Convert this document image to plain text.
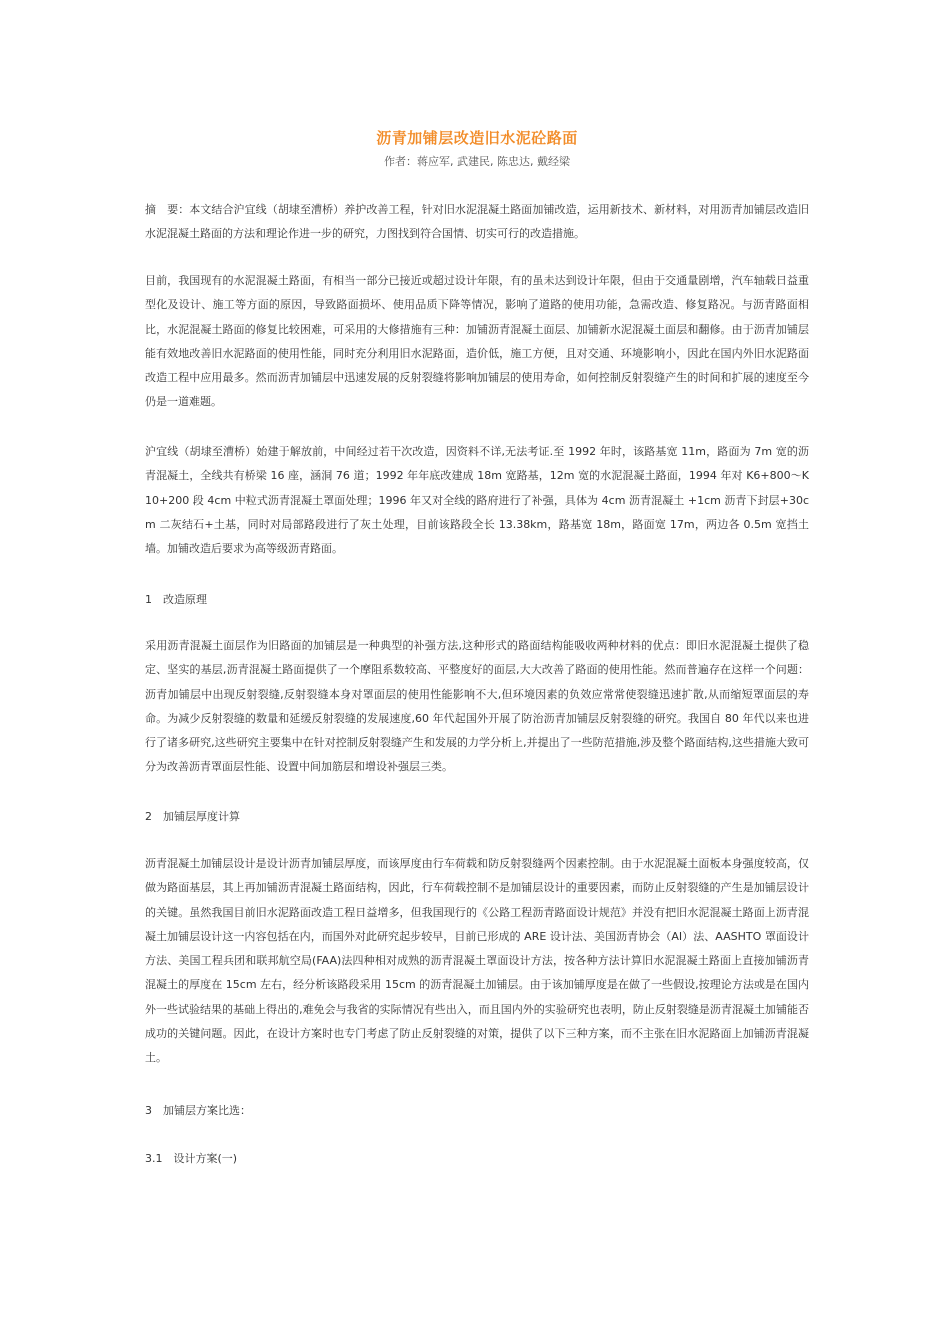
沥青加铺层改造旧水泥砼路面
作者：蒋应军, 武建民, 陈忠达, 戴经梁
摘　要：本文结合沪宜线（胡埭至漕桥）养护改善工程，针对旧水泥混凝土路面加铺改造，运用新技术、新材料，对用沥青加铺层改造旧水泥混凝土路面的方法和理论作进一步的研究，力图找到符合国情、切实可行的改造措施。
目前，我国现有的水泥混凝土路面，有相当一部分已接近或超过设计年限，有的虽未达到设计年限，但由于交通量剧增，汽车轴载日益重型化及设计、施工等方面的原因，导致路面损坏、使用品质下降等情况，影响了道路的使用功能，急需改造、修复路况。与沥青路面相比，水泥混凝土路面的修复比较困难，可采用的大修措施有三种：加铺沥青混凝土面层、加铺新水泥混凝土面层和翻修。由于沥青加铺层能有效地改善旧水泥路面的使用性能，同时充分利用旧水泥路面，造价低，施工方便，且对交通、环境影响小，因此在国内外旧水泥路面改造工程中应用最多。然而沥青加铺层中迅速发展的反射裂缝将影响加铺层的使用寿命，如何控制反射裂缝产生的时间和扩展的速度至今仍是一道难题。
沪宜线（胡埭至漕桥）始建于解放前，中间经过若干次改造，因资料不详,无法考证.至 1992 年时，该路基宽 11m，路面为 7m 宽的沥青混凝土，全线共有桥梁 16 座，涵洞 76 道；1992 年年底改建成 18m 宽路基，12m 宽的水泥混凝土路面，1994 年对 K6+800～K10+200 段 4cm 中粒式沥青混凝土罩面处理；1996 年又对全线的路府进行了补强，具体为 4cm 沥青混凝土 +1cm 沥青下封层+30cm 二灰结石+土基，同时对局部路段进行了灰土处理，目前该路段全长 13.38km，路基宽 18m，路面宽 17m，两边各 0.5m 宽挡土墙。加铺改造后要求为高等级沥青路面。
1　改造原理
采用沥青混凝土面层作为旧路面的加铺层是一种典型的补强方法,这种形式的路面结构能吸收两种材料的优点：即旧水泥混凝土提供了稳定、坚实的基层,沥青混凝土路面提供了一个摩阻系数较高、平整度好的面层,大大改善了路面的使用性能。然而普遍存在这样一个问题：沥青加铺层中出现反射裂缝,反射裂缝本身对罩面层的使用性能影响不大,但环境因素的负效应常常使裂缝迅速扩散,从而缩短罩面层的寿命。为减少反射裂缝的数量和延缓反射裂缝的发展速度,60 年代起国外开展了防治沥青加铺层反射裂缝的研究。我国自 80 年代以来也进行了诸多研究,这些研究主要集中在针对控制反射裂缝产生和发展的力学分析上,并提出了一些防范措施,涉及整个路面结构,这些措施大致可分为改善沥青罩面层性能、设置中间加筋层和增设补强层三类。
2　加铺层厚度计算
沥青混凝土加铺层设计是设计沥青加铺层厚度，而该厚度由行车荷载和防反射裂缝两个因素控制。由于水泥混凝土面板本身强度较高，仅做为路面基层，其上再加铺沥青混凝土路面结构，因此，行车荷载控制不是加铺层设计的重要因素，而防止反射裂缝的产生是加铺层设计的关键。虽然我国目前旧水泥路面改造工程日益增多，但我国现行的《公路工程沥青路面设计规范》并没有把旧水泥混凝土路面上沥青混凝土加铺层设计这一内容包括在内，而国外对此研究起步较早，目前已形成的 ARE 设计法、美国沥青协会（AI）法、AASHTO 罩面设计方法、美国工程兵团和联邦航空局(FAA)法四种相对成熟的沥青混凝土罩面设计方法，按各种方法计算旧水泥混凝土路面上直接加铺沥青混凝土的厚度在 15cm 左右，经分析该路段采用 15cm 的沥青混凝土加铺层。由于该加铺厚度是在做了一些假设,按理论方法或是在国内外一些试验结果的基础上得出的,难免会与我省的实际情况有些出入，而且国内外的实验研究也表明，防止反射裂缝是沥青混凝土加铺能否成功的关键问题。因此，在设计方案时也专门考虑了防止反射裂缝的对策，提供了以下三种方案，而不主张在旧水泥路面上加铺沥青混凝土。
3　加铺层方案比选：
3.1　设计方案(一)
